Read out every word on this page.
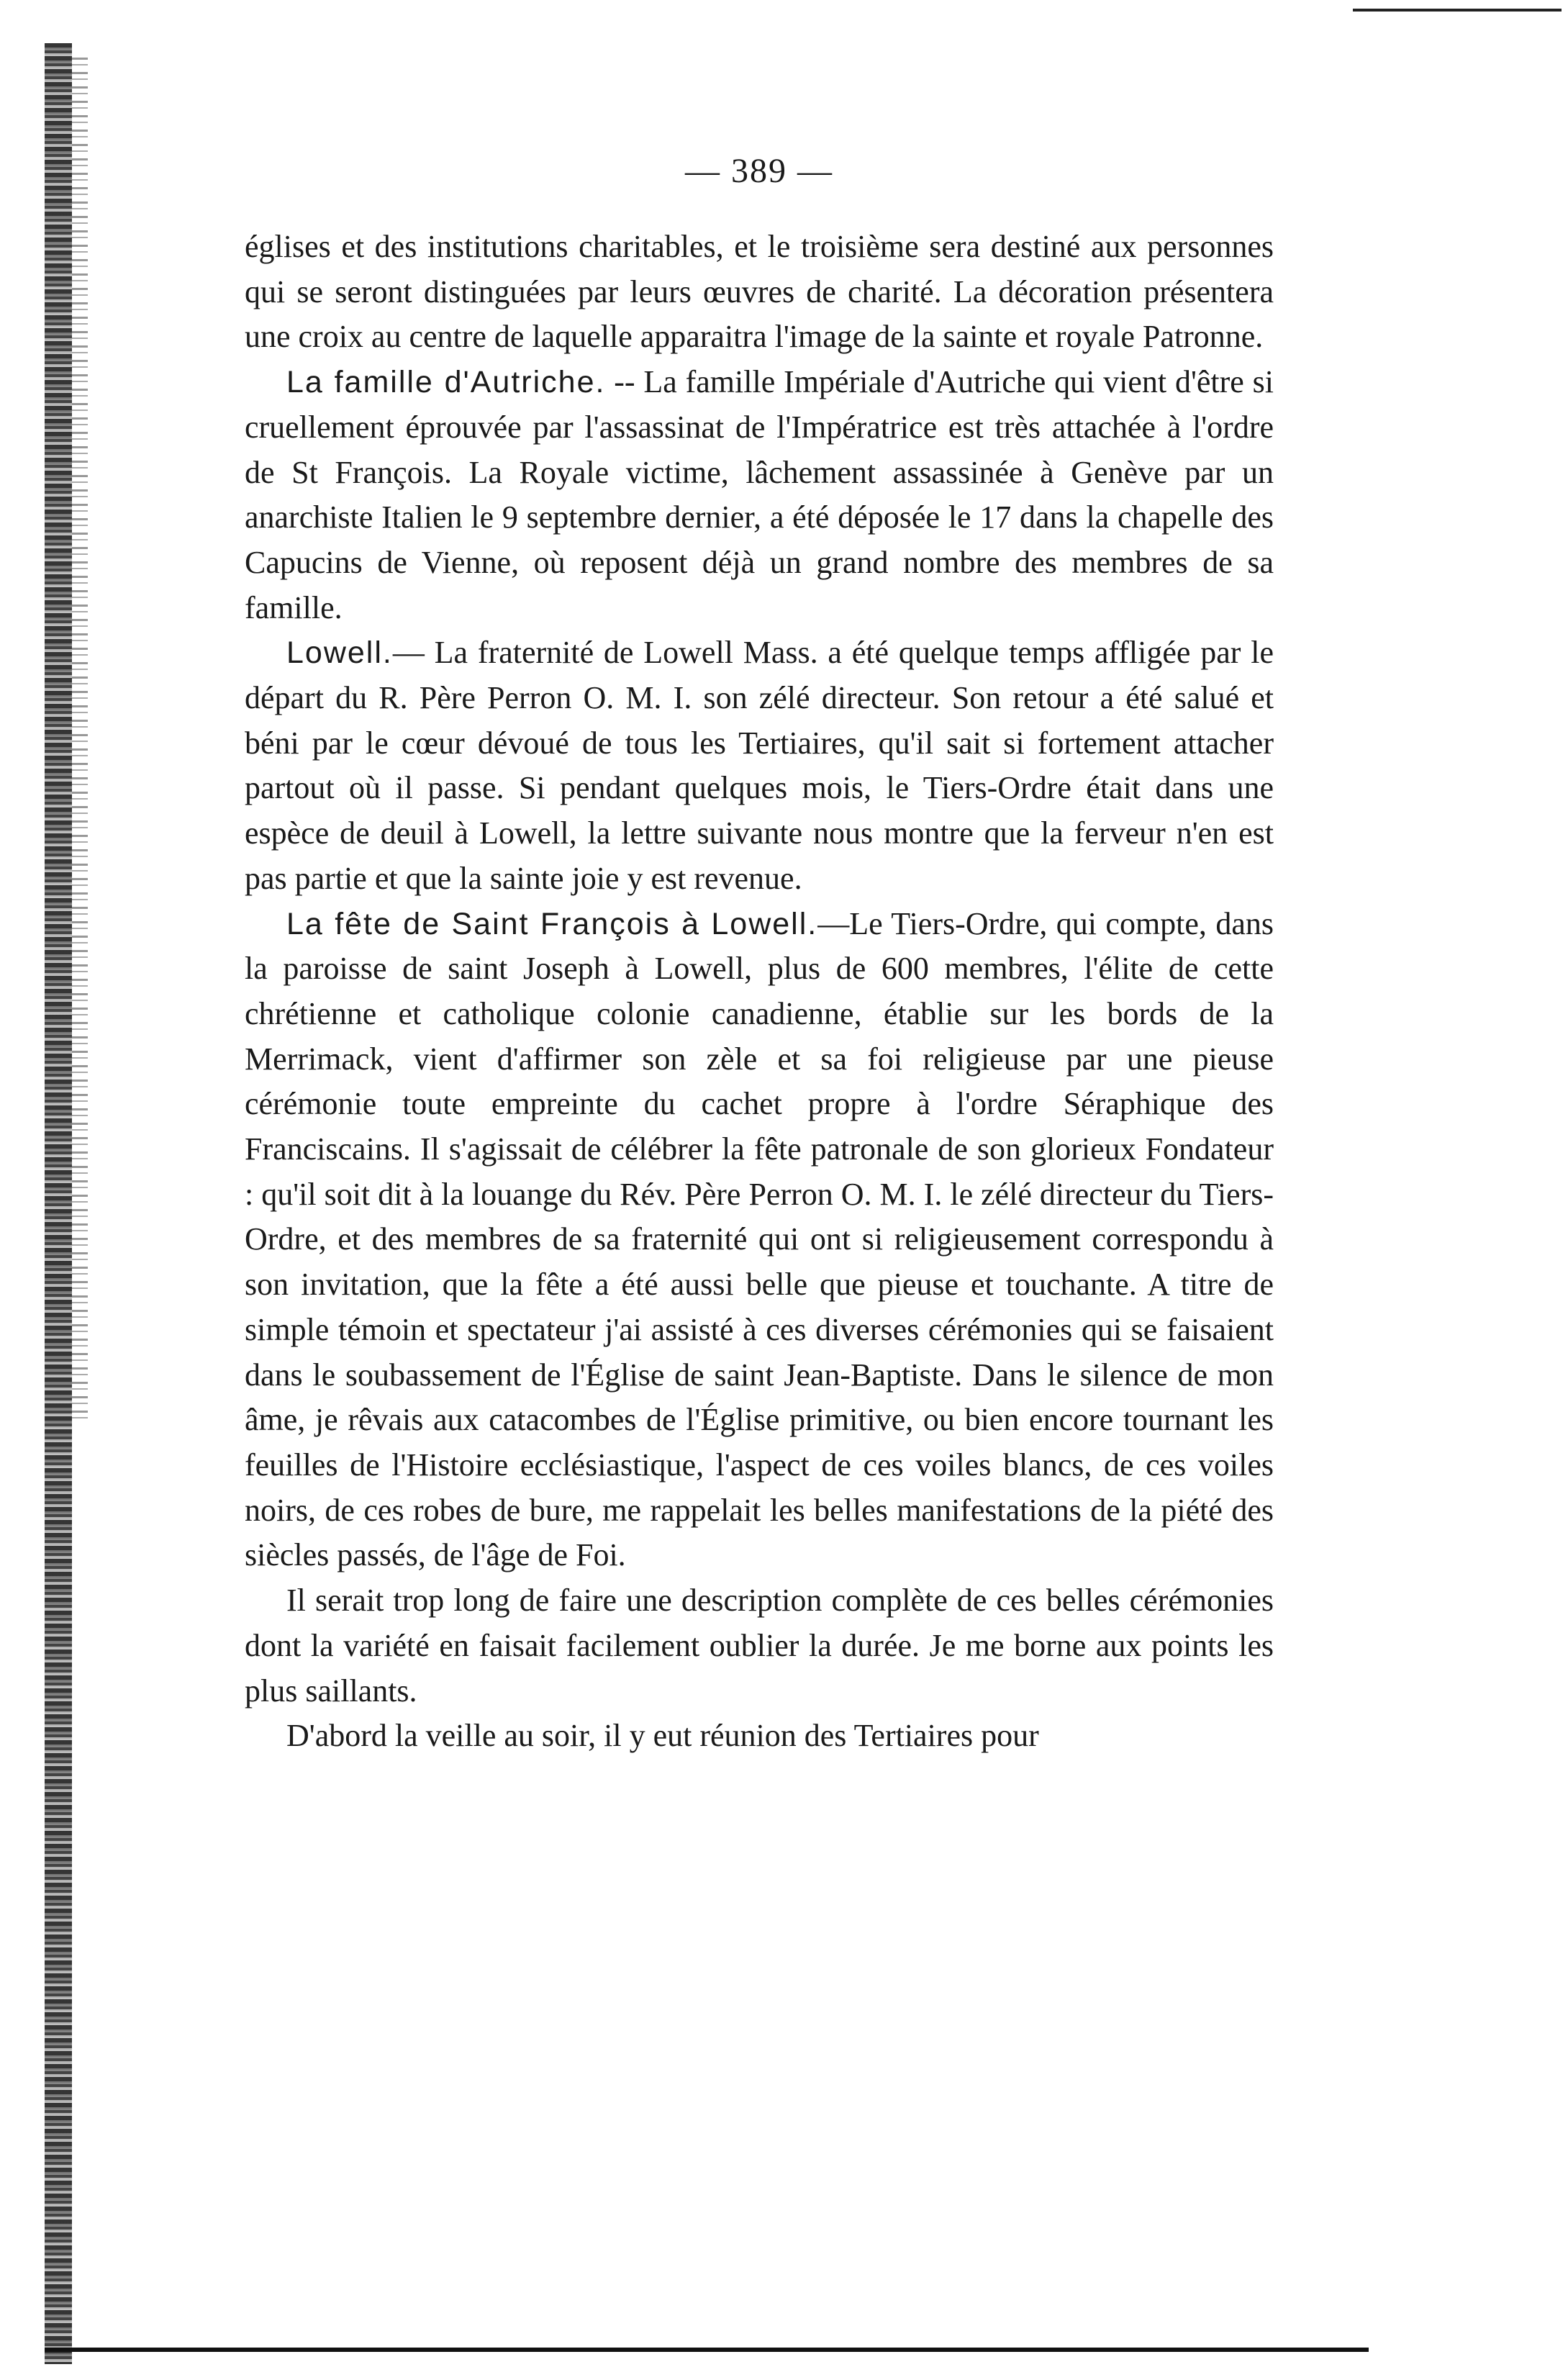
— 389 —

églises et des institutions charitables, et le troisième sera destiné aux personnes qui se seront distinguées par leurs œuvres de charité. La décoration présentera une croix au centre de laquelle apparaitra l'image de la sainte et royale Patronne.

La famille d'Autriche. -- La famille Impériale d'Autriche qui vient d'être si cruellement éprouvée par l'assassinat de l'Impératrice est très attachée à l'ordre de St François. La Royale victime, lâchement assassinée à Genève par un anarchiste Italien le 9 septembre dernier, a été déposée le 17 dans la chapelle des Capucins de Vienne, où reposent déjà un grand nombre des membres de sa famille.

Lowell.— La fraternité de Lowell Mass. a été quelque temps affligée par le départ du R. Père Perron O. M. I. son zélé directeur. Son retour a été salué et béni par le cœur dévoué de tous les Tertiaires, qu'il sait si fortement attacher partout où il passe. Si pendant quelques mois, le Tiers-Ordre était dans une espèce de deuil à Lowell, la lettre suivante nous montre que la ferveur n'en est pas partie et que la sainte joie y est revenue.

La fête de Saint François à Lowell.—Le Tiers-Ordre, qui compte, dans la paroisse de saint Joseph à Lowell, plus de 600 membres, l'élite de cette chrétienne et catholique colonie canadienne, établie sur les bords de la Merrimack, vient d'affirmer son zèle et sa foi religieuse par une pieuse cérémonie toute empreinte du cachet propre à l'ordre Séraphique des Franciscains. Il s'agissait de célébrer la fête patronale de son glorieux Fondateur : qu'il soit dit à la louange du Rév. Père Perron O. M. I. le zélé directeur du Tiers-Ordre, et des membres de sa fraternité qui ont si religieusement correspondu à son invitation, que la fête a été aussi belle que pieuse et touchante. A titre de simple témoin et spectateur j'ai assisté à ces diverses cérémonies qui se faisaient dans le soubassement de l'Église de saint Jean-Baptiste. Dans le silence de mon âme, je rêvais aux catacombes de l'Église primitive, ou bien encore tournant les feuilles de l'Histoire ecclésiastique, l'aspect de ces voiles blancs, de ces voiles noirs, de ces robes de bure, me rappelait les belles manifestations de la piété des siècles passés, de l'âge de Foi.

Il serait trop long de faire une description complète de ces belles cérémonies dont la variété en faisait facilement oublier la durée. Je me borne aux points les plus saillants.

D'abord la veille au soir, il y eut réunion des Tertiaires pour
